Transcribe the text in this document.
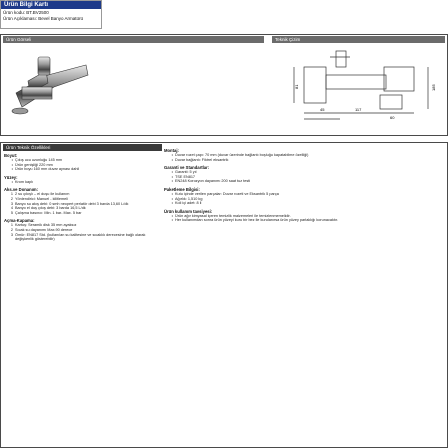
Ürün Bilgi Kartı
Ürün kodu: BT.BV2500
Ürün Açıklaması: Bevel Banyo Armatürü
Ürün Görseli	Teknik Çizim
81
45	117
60
185
Ürün Teknik Özellikleri
Boyut:
• Çıkış ucu uzunluğu 145 mm
• Ürün genişliği 220 mm
• Ürün boyu 160 mm duvar aynası dahil
Yüzey:
• Krom kaplı
Aks.ve Donanım:
1 2 su çıkışlı – el duşu ile kullanım
2 Yönlendirici: Manuel - kilitlemeli
3 Banyo su akış debi: 0 smh neopert perlatör debi 3 barda 13,60 L/dk
4 Banyo el duş çıkış debi: 3 barda 16,5 L/dk
5 Çalışma basıncı: Min. 1 bar- Max. 5 bar
Açma-Kapama:
1 Kartuş: Seramik disk 35 mm ayaksız
2 Sıcak su dayanımı Max.90 derece
3 Ömür: EN817 Std. (kullanılan su kalitesine ve sıcaklık derecesine bağlı olarak değişkenlik gösterebilir)
Montaj:
• Duvar rozet çapı: 70 mm (duvar üzerinde bağlantı boşluğu kapatabilme özelliği)
• Duvar bağlantı: Fiktrel eksantrik
Garanti ve Standartlar:
• Garanti: 5 yıl
• TSE EN817
• EN248 Korozyon dayanımı 200 saat tuz testi
Paketleme Bilgisi:
• Kutu içinde verilen parçalar: Duvar rozeti ve Eksantrik 5 parça
• Ağırlık: 1,510 kg
• Koli içi adet: 8 li
Ürün kullanım tavsiyesi:
• Ürün ağır kimyasal içeren temizlik malzemeleri ile temizlenmemelidir.
• Her kullanımdan sonra ürün yüzeyi kuru bir bez ile kurulanırsa ürün yüzey parlaklığı korunacaktır.
